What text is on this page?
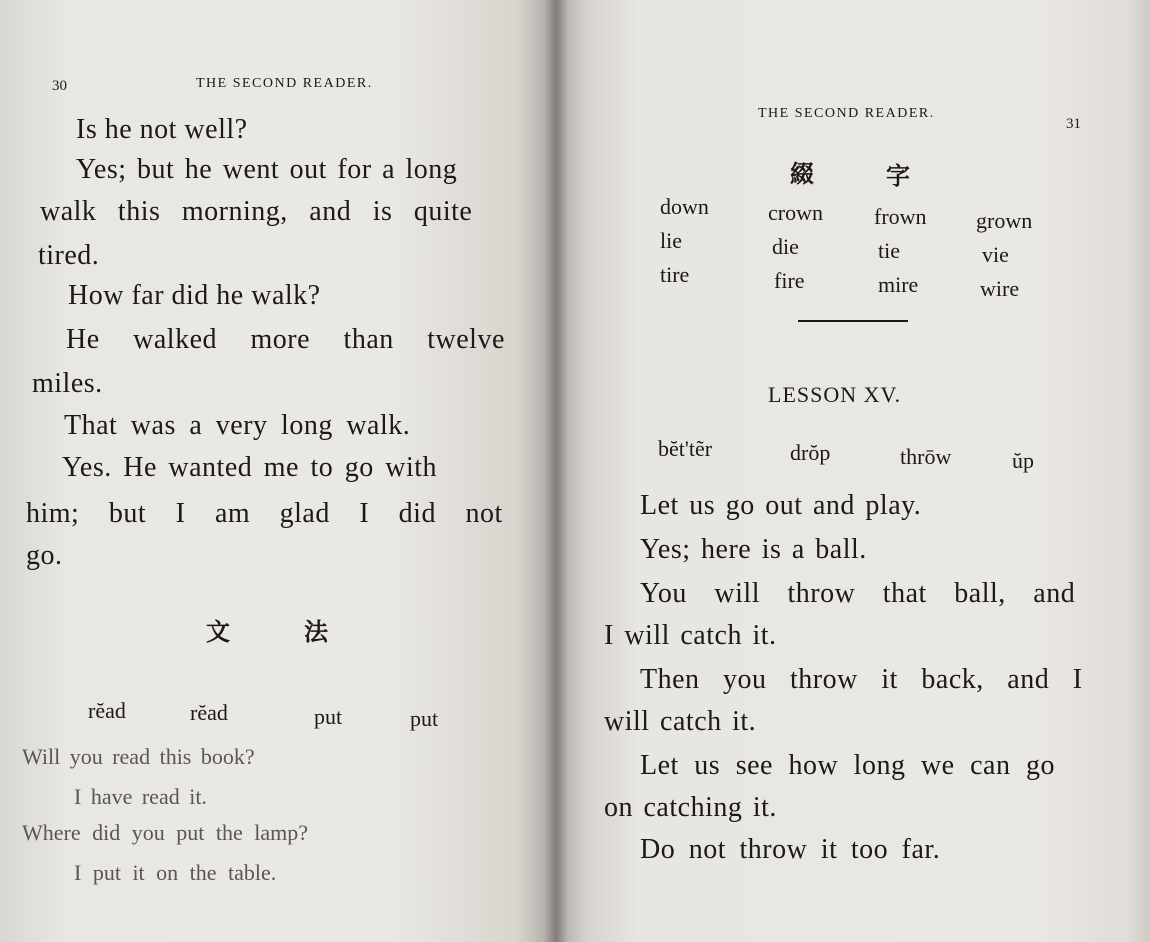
30	THE SECOND READER.
Is he not well?
Yes; but he went out for a long
walk this morning, and is quite
tired.
How far did he walk?
He walked more than twelve
miles.
That was a very long walk.
Yes. He wanted me to go with
him; but I am glad I did not
go.
文	法
rĕad	rĕad	put	put
Will you read this book?
I have read it.
Where did you put the lamp?
I put it on the table.
THE SECOND READER.
31
綴	字
down	crown frown grown
lie	die	tie	vie
tire	fire	mire	wire
LESSON XV.
bĕt'tẽr	drŏp	thrōw	ŭp
Let us go out and play.
Yes; here is a ball.
You will throw that ball, and
I will catch it.
Then you throw it back, and I
will catch it.
Let us see how long we can go
on catching it.
Do not throw it too far.
